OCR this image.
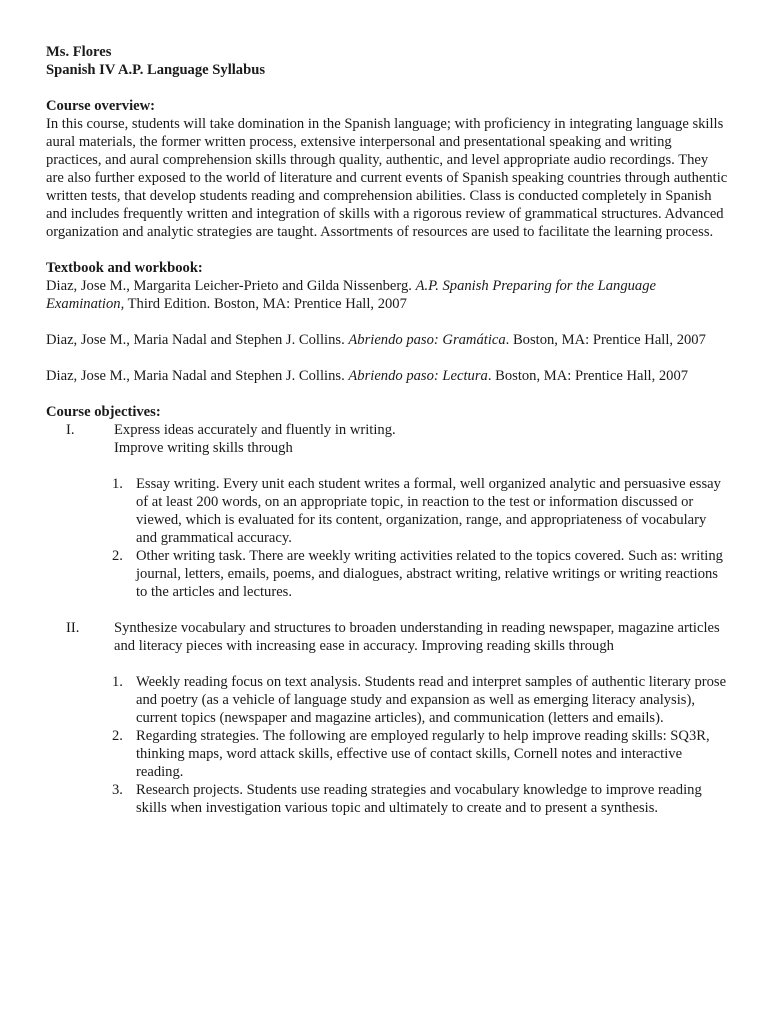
Ms. Flores

Spanish IV A.P. Language Syllabus

Course overview:

In this course, students will take domination in the Spanish language; with proficiency in integrating language skills aural materials, the former written process, extensive interpersonal and presentational speaking and writing practices, and aural comprehension skills through quality, authentic, and level appropriate audio recordings. They are also further exposed to the world of literature and current events of Spanish speaking countries through authentic written tests, that develop students reading and comprehension abilities. Class is conducted completely in Spanish and includes frequently written and integration of skills with a rigorous review of grammatical structures. Advanced organization and analytic strategies are taught. Assortments of resources are used to facilitate the learning process.

Textbook and workbook:

Diaz, Jose M., Margarita Leicher-Prieto and Gilda Nissenberg. A.P. Spanish Preparing for the Language Examination, Third Edition. Boston, MA: Prentice Hall, 2007

Diaz, Jose M., Maria Nadal and Stephen J. Collins. Abriendo paso: Gramática. Boston, MA: Prentice Hall, 2007

Diaz, Jose M., Maria Nadal and Stephen J. Collins. Abriendo paso: Lectura. Boston, MA: Prentice Hall, 2007

Course objectives:

I.	Express ideas accurately and fluently in writing.

Improve writing skills through

1. Essay writing. Every unit each student writes a formal, well organized analytic and persuasive essay of at least 200 words, on an appropriate topic, in reaction to the test or information discussed or viewed, which is evaluated for its content, organization, range, and appropriateness of vocabulary and grammatical accuracy.
2. Other writing task. There are weekly writing activities related to the topics covered. Such as: writing journal, letters, emails, poems, and dialogues, abstract writing, relative writings or writing reactions to the articles and lectures.
II.	Synthesize vocabulary and structures to broaden understanding in reading newspaper, magazine articles and literacy pieces with increasing ease in accuracy. Improving reading skills through

1. Weekly reading focus on text analysis. Students read and interpret samples of authentic literary prose and poetry (as a vehicle of language study and expansion as well as emerging literacy analysis), current topics (newspaper and magazine articles), and communication (letters and emails).
2. Regarding strategies. The following are employed regularly to help improve reading skills: SQ3R, thinking maps, word attack skills, effective use of contact skills, Cornell notes and interactive reading.
3. Research projects. Students use reading strategies and vocabulary knowledge to improve reading skills when investigation various topic and ultimately to create and to present a synthesis.
